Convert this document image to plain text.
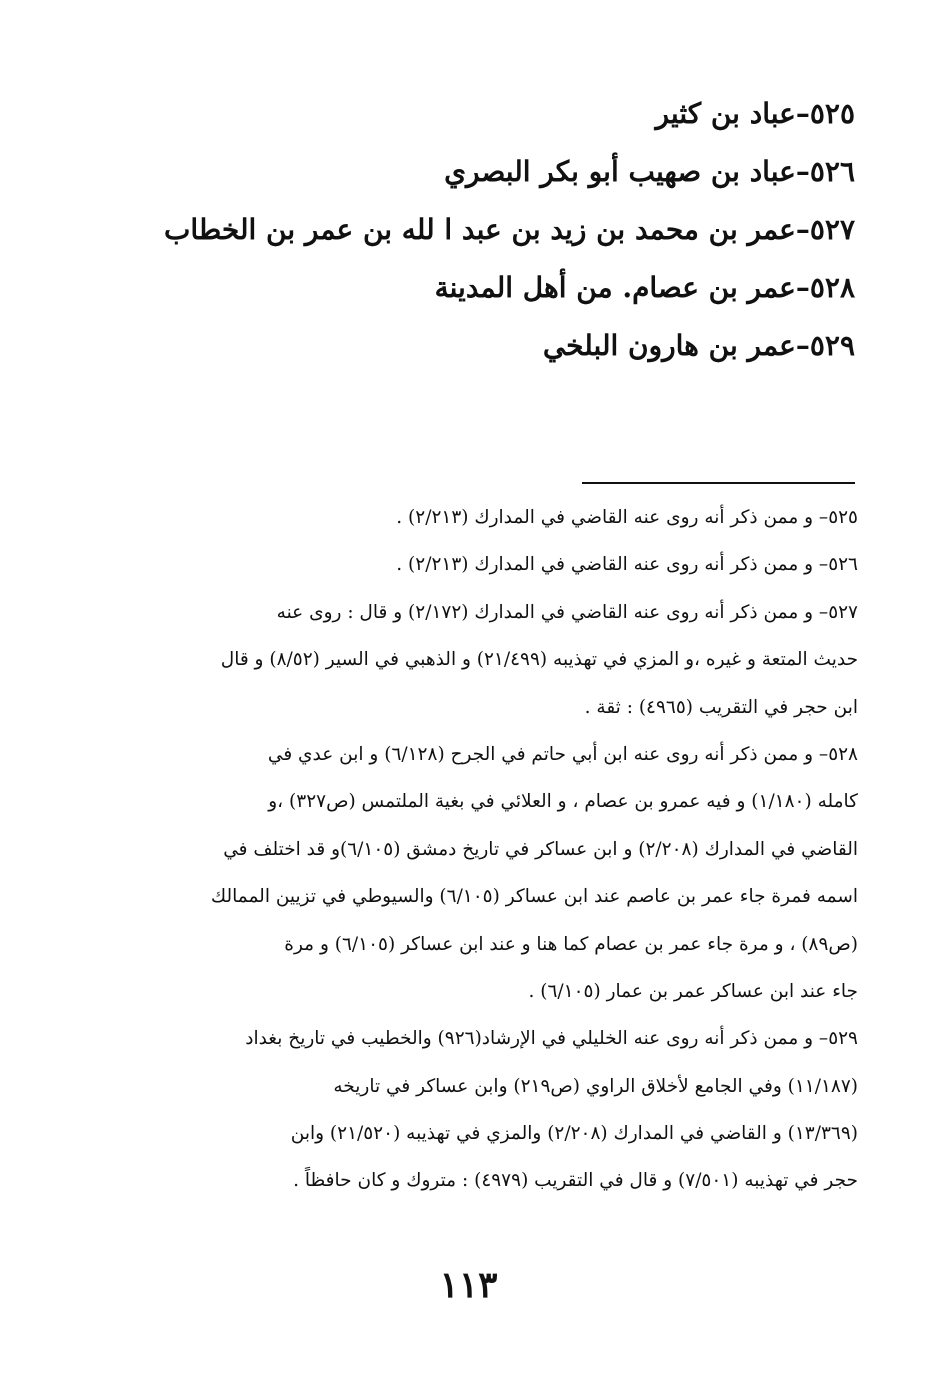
٥٢٥–عباد بن كثير
٥٢٦–عباد بن صهيب أبو بكر البصري
٥٢٧–عمر بن محمد بن زيد بن عبد ا لله بن عمر بن الخطاب
٥٢٨–عمر بن عصام. من أهل المدينة
٥٢٩–عمر بن هارون البلخي
٥٢٥– و ممن ذكر أنه روى عنه القاضي في المدارك (٢/٢١٣) .
٥٢٦– و ممن ذكر أنه روى عنه القاضي في المدارك (٢/٢١٣) .
٥٢٧– و ممن ذكر أنه روى عنه القاضي في المدارك (٢/١٧٢) و قال : روى عنه
حديث المتعة و غيره ،و المزي في تهذيبه (٢١/٤٩٩) و الذهبي في السير (٨/٥٢) و قال
ابن حجر في التقريب (٤٩٦٥) : ثقة .
٥٢٨– و ممن ذكر أنه روى عنه ابن أبي حاتم في الجرح (٦/١٢٨) و ابن عدي في
كامله (١/١٨٠) و فيه عمرو بن عصام ، و العلائي في بغية الملتمس (ص٣٢٧) ،و
القاضي في المدارك (٢/٢٠٨) و ابن عساكر في تاريخ دمشق (٦/١٠٥)و قد اختلف في
اسمه فمرة جاء عمر بن عاصم عند ابن عساكر (٦/١٠٥) والسيوطي في تزيين الممالك
(ص٨٩) ، و مرة جاء عمر بن عصام كما هنا و عند ابن عساكر (٦/١٠٥) و مرة
جاء عند ابن عساكر عمر بن عمار (٦/١٠٥) .
٥٢٩– و ممن ذكر أنه روى عنه الخليلي في الإرشاد(٩٢٦) والخطيب في تاريخ بغداد
(١١/١٨٧) وفي الجامع لأخلاق الراوي (ص٢١٩) وابن عساكر في تاريخه
(١٣/٣٦٩) و القاضي في المدارك (٢/٢٠٨) والمزي في تهذيبه (٢١/٥٢٠) وابن
حجر في تهذيبه (٧/٥٠١) و قال في التقريب (٤٩٧٩) : متروك و كان حافظاً .
١١٣
